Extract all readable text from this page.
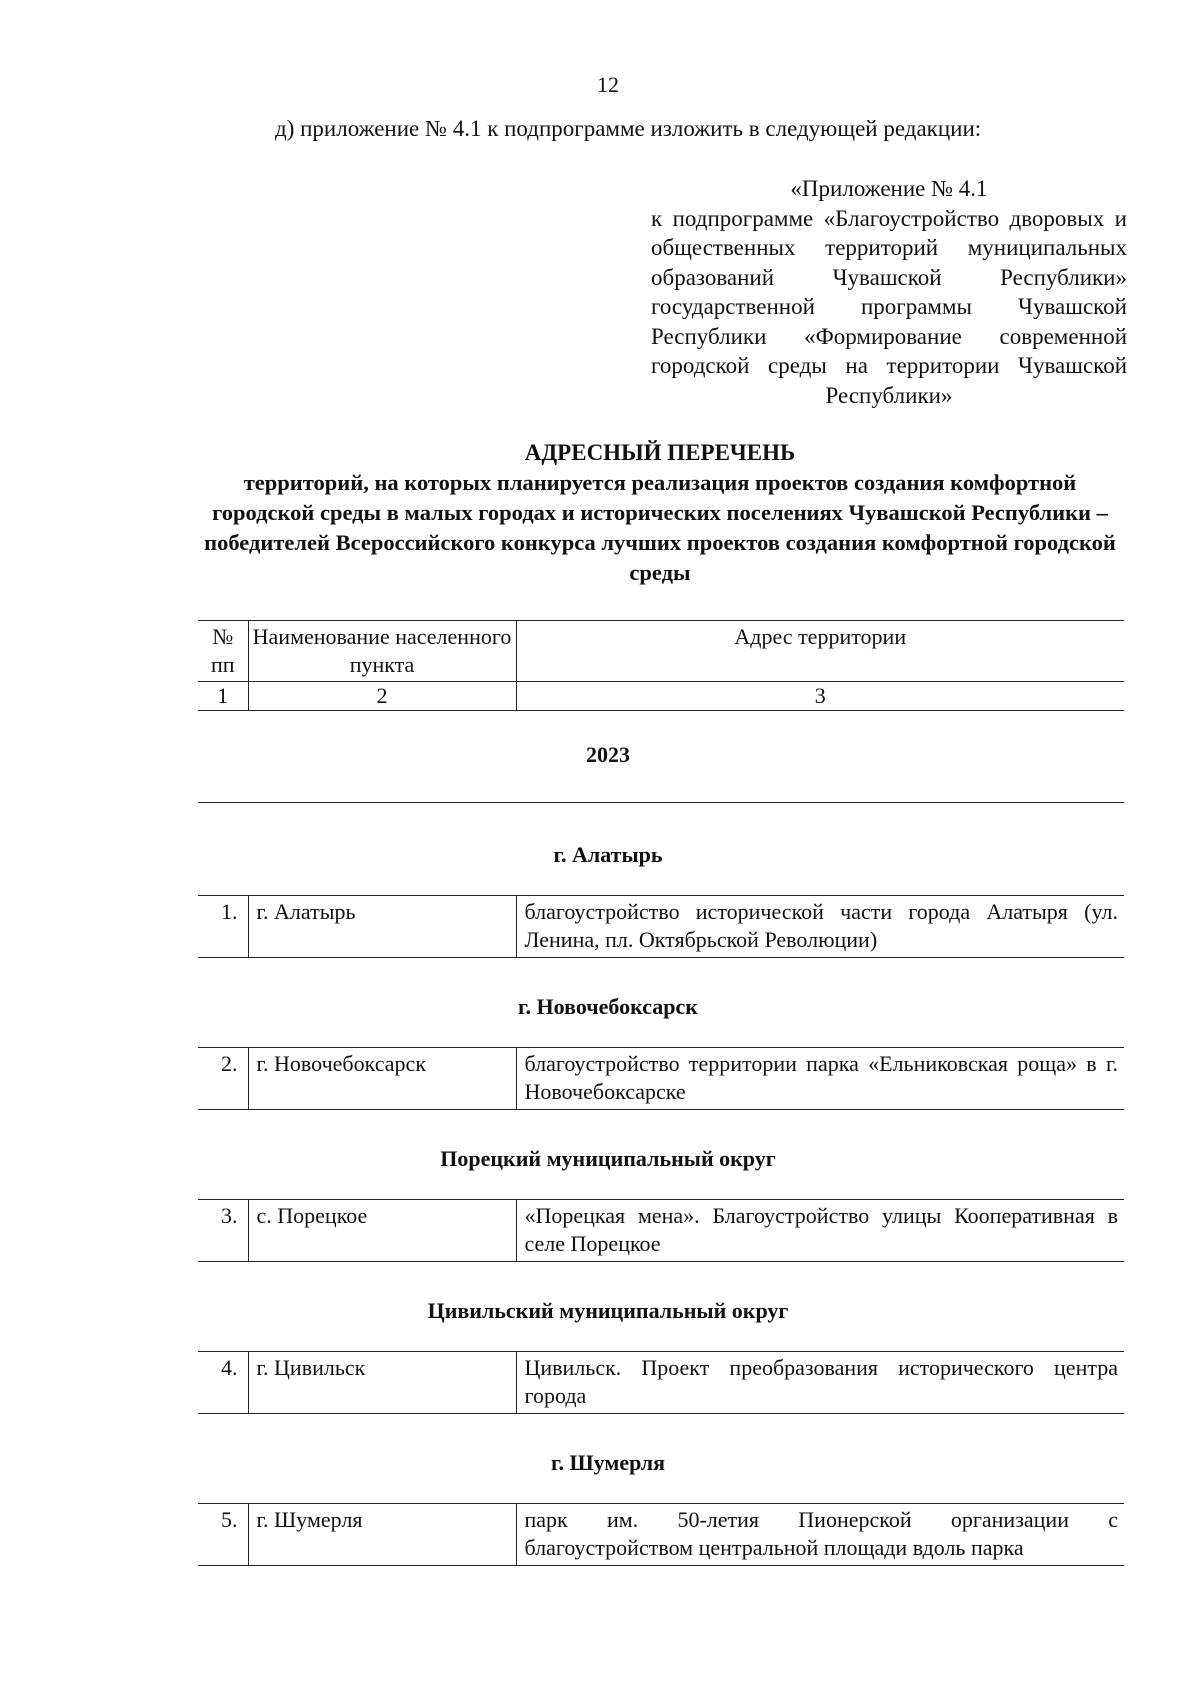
12
д) приложение № 4.1 к подпрограмме изложить в следующей редакции:
«Приложение № 4.1
к подпрограмме «Благоустройство дворовых и общественных территорий муниципальных образований Чувашской Республики» государственной программы Чувашской Республики «Формирование современной городской среды на территории Чувашской Республики»
АДРЕСНЫЙ ПЕРЕЧЕНЬ
территорий, на которых планируется реализация проектов создания комфортной городской среды в малых городах и исторических поселениях Чувашской Республики – победителей Всероссийского конкурса лучших проектов создания комфортной городской среды
№ пп	Наименование населенного пункта	Адрес территории
1	2	3
2023
г. Алатырь
1.	г. Алатырь	благоустройство исторической части города Алатыря (ул. Ленина, пл. Октябрьской Революции)
г. Новочебоксарск
2.	г. Новочебоксарск	благоустройство территории парка «Ельниковская роща» в г. Новочебоксарске
Порецкий муниципальный округ
3.	с. Порецкое	«Порецкая мена». Благоустройство улицы Кооперативная в селе Порецкое
Цивильский муниципальный округ
4.	г. Цивильск	Цивильск. Проект преобразования исторического центра города
г. Шумерля
5.	г. Шумерля	парк им. 50-летия Пионерской организации с благоустройством центральной площади вдоль парка
